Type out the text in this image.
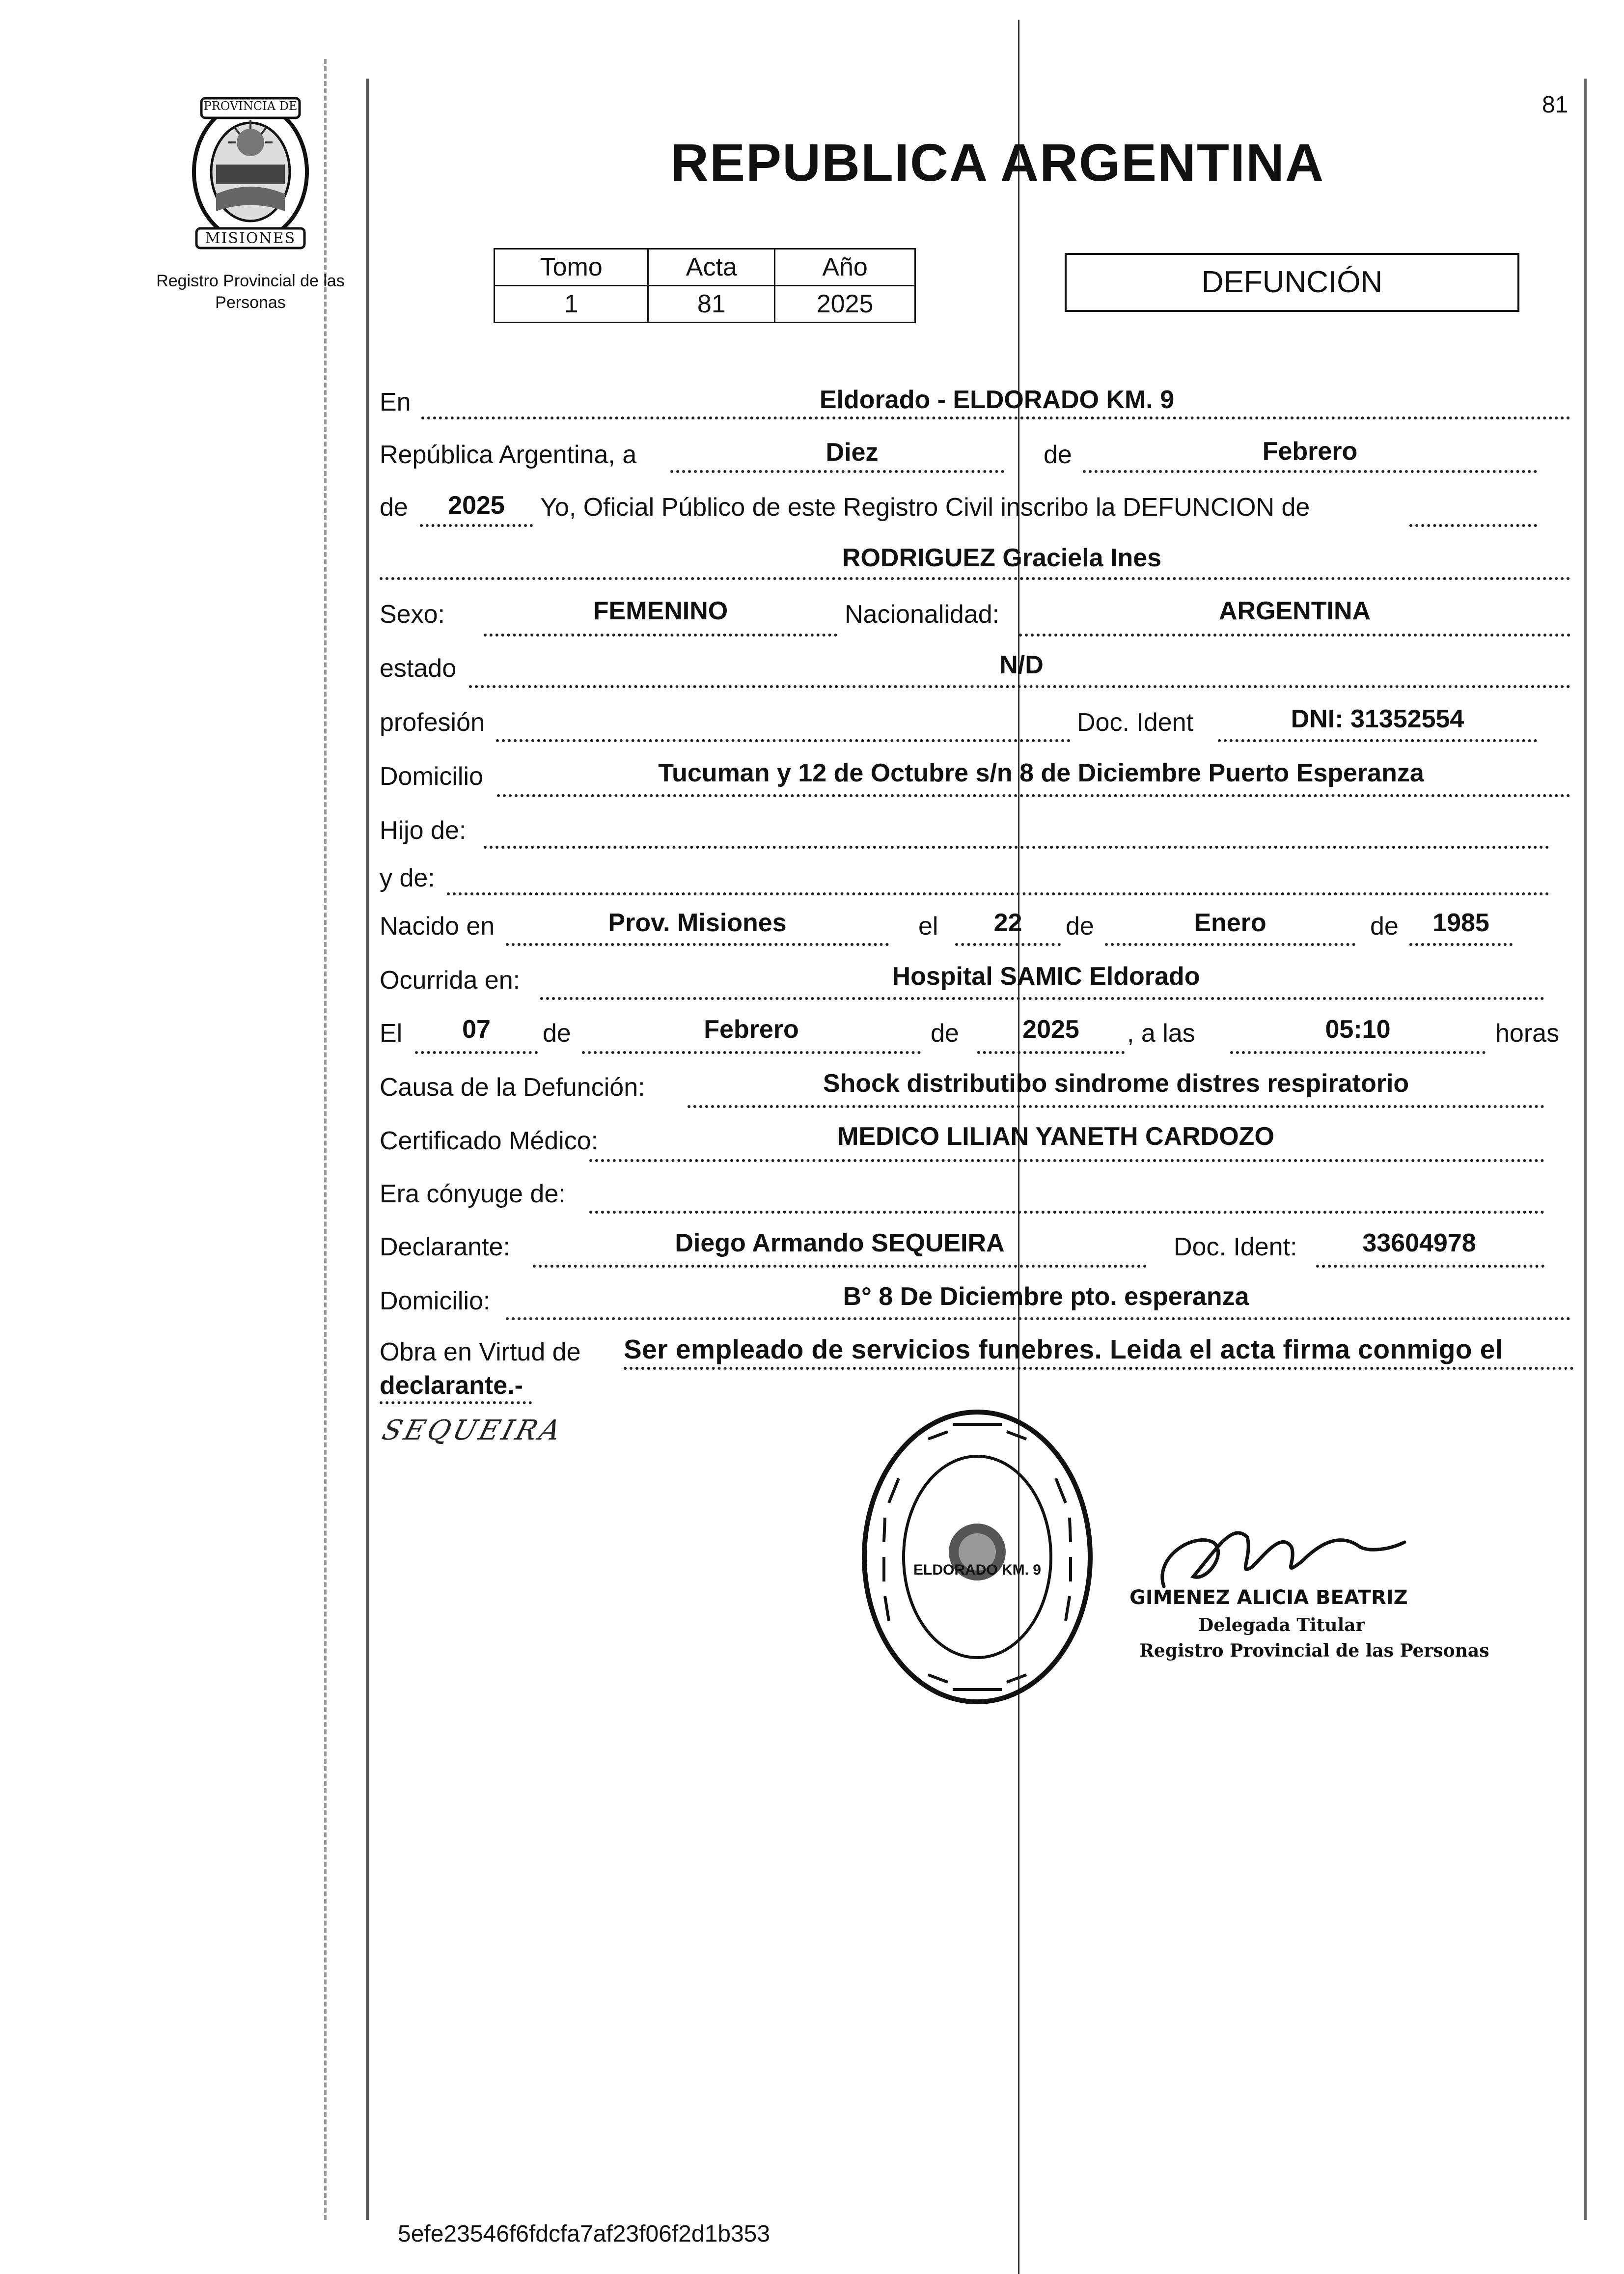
81
PROVINCIA DE
MISIONES
Registro Provincial de las Personas
REPUBLICA ARGENTINA
Tomo	Acta	Año
1	81	2025
DEFUNCIÓN
En	Eldorado - ELDORADO KM. 9
República Argentina, a	Diez	de	Febrero
de	2025	Yo, Oficial Público de este Registro Civil inscribo la DEFUNCION de
RODRIGUEZ Graciela Ines
Sexo:	FEMENINO	Nacionalidad:	ARGENTINA
estado	N/D
profesión	Doc. Ident	DNI: 31352554
Domicilio	Tucuman y 12 de Octubre s/n 8 de Diciembre Puerto Esperanza
Hijo de:
y de:
Nacido en	Prov. Misiones	el	22	de	Enero	de	1985
Ocurrida en:	Hospital SAMIC Eldorado
El	07	de	Febrero	de	2025	, a las	05:10	horas
Causa de la Defunción:	Shock distributibo sindrome distres respiratorio
Certificado Médico:	MEDICO LILIAN YANETH CARDOZO
Era cónyuge de:
Declarante:	Diego Armando SEQUEIRA	Doc. Ident:	33604978
Domicilio:	B° 8 De Diciembre pto. esperanza
Obra en Virtud de Ser empleado de servicios funebres. Leida el acta firma conmigo el
declarante.-
SEQUEIRA
ELDORADO KM. 9
GIMENEZ ALICIA BEATRIZ
Delegada Titular
Registro Provincial de las Personas
5efe23546f6fdcfa7af23f06f2d1b353
